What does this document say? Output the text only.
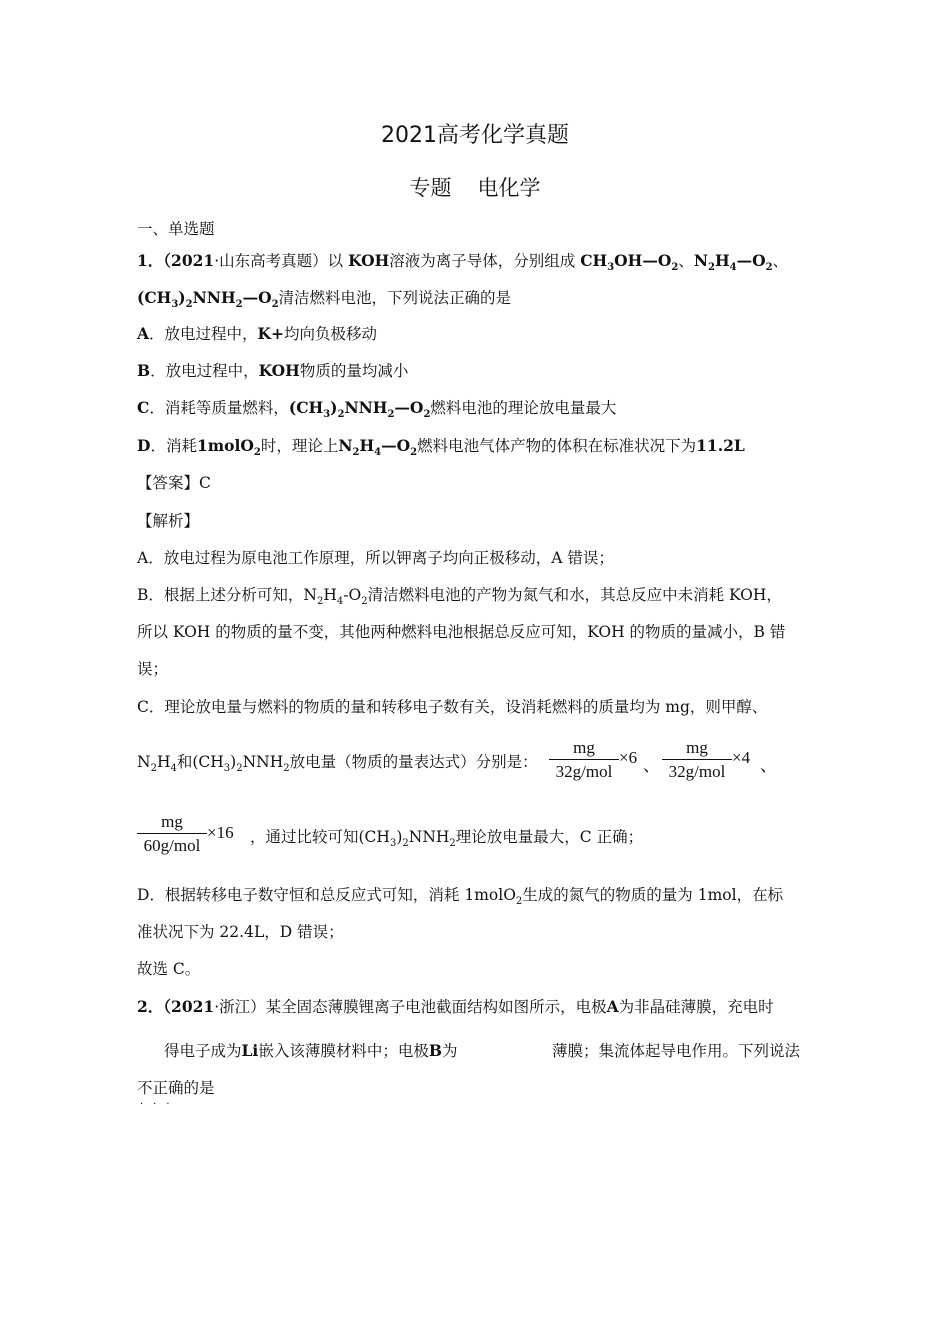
2021高考化学真题
专题 电化学
一、单选题
1．（2021·山东高考真题）以 KOH溶液为离子导体，分别组成 $CH_3OH—O_2$、$N_2H_4—O_2$、
$(CH_3)_2NNH_2—O_2$清洁燃料电池，下列说法正确的是
A．放电过程中，K+均向负极移动
B．放电过程中，KOH物质的量均减小
C．消耗等质量燃料，$(CH_3)_2NNH_2—O_2$燃料电池的理论放电量最大
D．消耗1molO$_2$时，理论上$N_2H_4—O_2$燃料电池气体产物的体积在标准状况下为11.2L
【答案】C
【解析】
A．放电过程为原电池工作原理，所以钾离子均向正极移动，A 错误；
B．根据上述分析可知，$N_2H_4-O_2$清洁燃料电池的产物为氮气和水，其总反应中未消耗 KOH，
所以 KOH 的物质的量不变，其他两种燃料电池根据总反应可知，KOH 的物质的量减小，B 错
误；
C．理论放电量与燃料的物质的量和转移电子数有关，设消耗燃料的质量均为 mg，则甲醇、
$N_2H_4$和$(CH_3)_2NNH_2$放电量（物质的量表达式）分别是：
mg
32g/mol
×6 、
mg
32g/mol
×4 、
mg
60g/mol
×16 ，通过比较可知$(CH_3)_2NNH_2$理论放电量最大，C 正确；
D．根据转移电子数守恒和总反应式可知，消耗 1molO$_2$生成的氮气的物质的量为 1mol，在标
准状况下为 22.4L，D 错误；
故选 C。
2．（2021·浙江）某全固态薄膜锂离子电池截面结构如图所示，电极A为非晶硅薄膜，充电时
得电子成为Li嵌入该薄膜材料中；电极B为	薄膜；集流体起导电作用。下列说法
不正确的是
···
